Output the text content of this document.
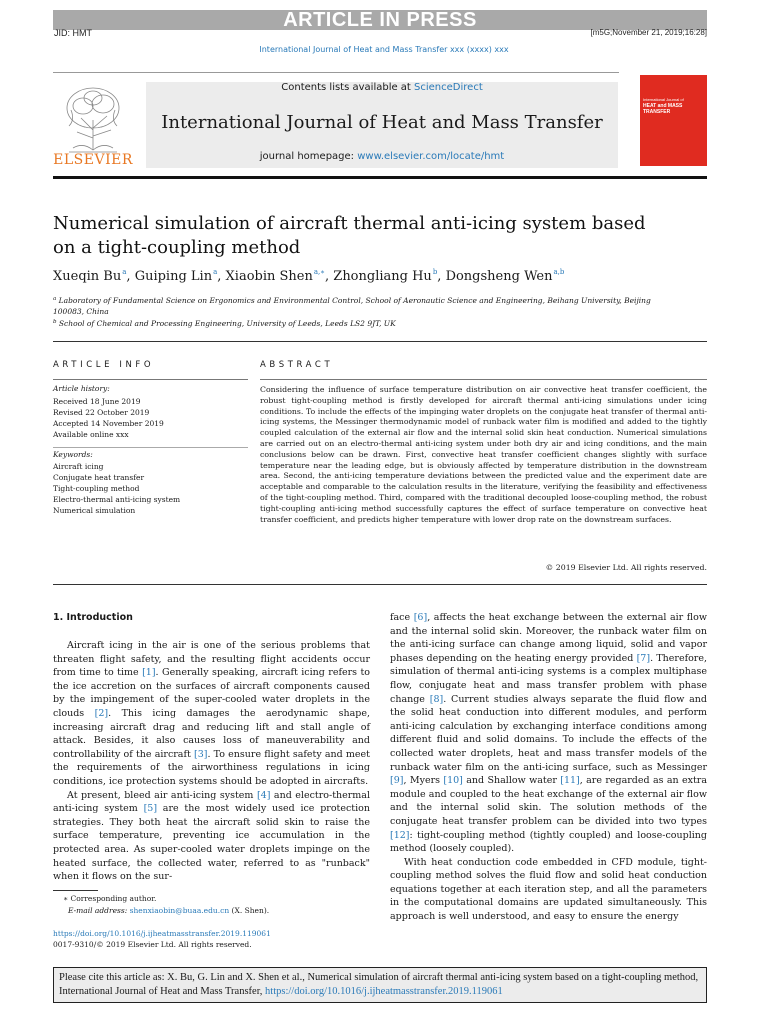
ARTICLE IN PRESS
JID: HMT	[m5G;November 21, 2019;16:28]
International Journal of Heat and Mass Transfer xxx (xxxx) xxx
ELSEVIER
Contents lists available at ScienceDirect
International Journal of Heat and Mass Transfer
journal homepage: www.elsevier.com/locate/hmt
International Journal of
HEAT and MASS
TRANSFER
Numerical simulation of aircraft thermal anti-icing system based on a tight-coupling method
Xueqin Bu$^a$, Guiping Lin$^a$, Xiaobin Shen$^{a,∗}$, Zhongliang Hu$^b$, Dongsheng Wen$^{a,b}$
$^a$ Laboratory of Fundamental Science on Ergonomics and Environmental Control, School of Aeronautic Science and Engineering, Beihang University, Beijing 100083, China
$^b$ School of Chemical and Processing Engineering, University of Leeds, Leeds LS2 9JT, UK
ARTICLE INFO	ABSTRACT
Article history:
Received 18 June 2019
Revised 22 October 2019
Accepted 14 November 2019
Available online xxx
Keywords:
Aircraft icing
Conjugate heat transfer
Tight-coupling method
Electro-thermal anti-icing system
Numerical simulation
Considering the influence of surface temperature distribution on air convective heat transfer coefficient, the robust tight-coupling method is firstly developed for aircraft thermal anti-icing simulations under icing conditions. To include the effects of the impinging water droplets on the conjugate heat transfer of thermal anti-icing systems, the Messinger thermodynamic model of runback water film is modified and added to the tightly coupled calculation of the external air flow and the internal solid skin heat conduction. Numerical simulations are carried out on an electro-thermal anti-icing system under both dry air and icing conditions, and the main conclusions below can be drawn. First, convective heat transfer coefficient changes slightly with surface temperature near the leading edge, but is obviously affected by temperature distribution in the downstream area. Second, the anti-icing temperature deviations between the predicted value and the experiment date are acceptable and comparable to the calculation results in the literature, verifying the feasibility and effectiveness of the tight-coupling method. Third, compared with the traditional decoupled loose-coupling method, the robust tight-coupling anti-icing method successfully captures the effect of surface temperature on convective heat transfer coefficient, and predicts higher temperature with lower drop rate on the downstream surfaces.
© 2019 Elsevier Ltd. All rights reserved.
1. Introduction

Aircraft icing in the air is one of the serious problems that threaten flight safety, and the resulting flight accidents occur from time to time [1]. Generally speaking, aircraft icing refers to the ice accretion on the surfaces of aircraft components caused by the impingement of the super-cooled water droplets in the clouds [2]. This icing damages the aerodynamic shape, increasing aircraft drag and reducing lift and stall angle of attack. Besides, it also causes loss of maneuverability and controllability of the aircraft [3]. To ensure flight safety and meet the requirements of the airworthiness regulations in icing conditions, ice protection systems should be adopted in aircrafts.

At present, bleed air anti-icing system [4] and electro-thermal anti-icing system [5] are the most widely used ice protection strategies. They both heat the aircraft solid skin to raise the surface temperature, preventing ice accumulation in the protected area. As super-cooled water droplets impinge on the heated surface, the collected water, referred to as "runback" when it flows on the sur-

face [6], affects the heat exchange between the external air flow and the internal solid skin. Moreover, the runback water film on the anti-icing surface can change among liquid, solid and vapor phases depending on the heating energy provided [7]. Therefore, simulation of thermal anti-icing systems is a complex multiphase flow, conjugate heat and mass transfer problem with phase change [8]. Current studies always separate the fluid flow and the solid heat conduction into different modules, and perform anti-icing calculation by exchanging interface conditions among different fluid and solid domains. To include the effects of the collected water droplets, heat and mass transfer models of the runback water film on the anti-icing surface, such as Messinger [9], Myers [10] and Shallow water [11], are regarded as an extra module and coupled to the heat exchange of the external air flow and the internal solid skin. The solution methods of the conjugate heat transfer problem can be divided into two types [12]: tight-coupling method (tightly coupled) and loose-coupling method (loosely coupled).

With heat conduction code embedded in CFD module, tight-coupling method solves the fluid flow and solid heat conduction equations together at each iteration step, and all the parameters in the computational domains are updated simultaneously. This approach is well understood, and easy to ensure the energy

∗ Corresponding author.
E-mail address: shenxiaobin@buaa.edu.cn (X. Shen).
https://doi.org/10.1016/j.ijheatmasstransfer.2019.119061
0017-9310/© 2019 Elsevier Ltd. All rights reserved.
Please cite this article as: X. Bu, G. Lin and X. Shen et al., Numerical simulation of aircraft thermal anti-icing system based on a tight-coupling method, International Journal of Heat and Mass Transfer, https://doi.org/10.1016/j.ijheatmasstransfer.2019.119061
